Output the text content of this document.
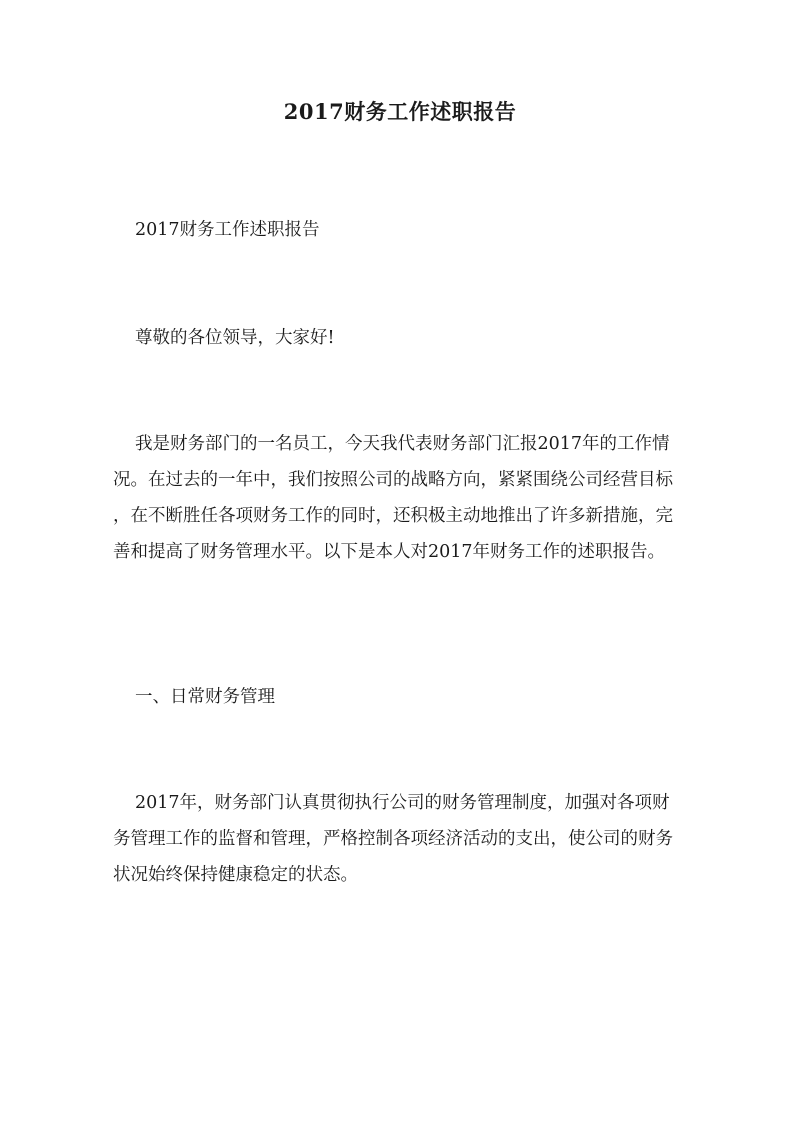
2017财务工作述职报告
2017财务工作述职报告
尊敬的各位领导，大家好!
我是财务部门的一名员工，今天我代表财务部门汇报2017年的工作情
况。在过去的一年中，我们按照公司的战略方向，紧紧围绕公司经营目标
，在不断胜任各项财务工作的同时，还积极主动地推出了许多新措施，完
善和提高了财务管理水平。以下是本人对2017年财务工作的述职报告。
一、日常财务管理
2017年，财务部门认真贯彻执行公司的财务管理制度，加强对各项财
务管理工作的监督和管理，严格控制各项经济活动的支出，使公司的财务
状况始终保持健康稳定的状态。
